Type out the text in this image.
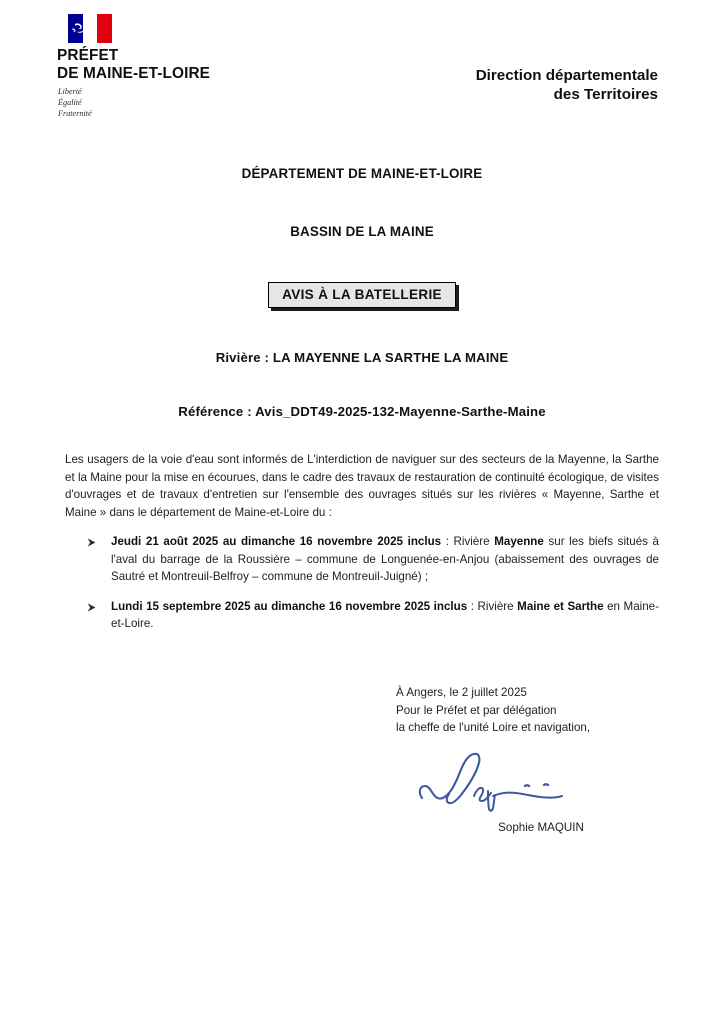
PRÉFET
DE MAINE-ET-LOIRE
Liberté
Égalité
Fraternité
Direction départementale
des Territoires
DÉPARTEMENT DE MAINE-ET-LOIRE
BASSIN DE LA MAINE
AVIS À LA BATELLERIE
Rivière : LA MAYENNE LA SARTHE LA MAINE
Référence : Avis_DDT49-2025-132-Mayenne-Sarthe-Maine

Les usagers de la voie d'eau sont informés de L'interdiction de naviguer sur des secteurs de la Mayenne, la Sarthe et la Maine pour la mise en écourues, dans le cadre des travaux de restauration de continuité écologique, de visites d'ouvrages et de travaux d'entretien sur l'ensemble des ouvrages situés sur les rivières « Mayenne, Sarthe et Maine » dans le département de Maine-et-Loire du :

Jeudi 21 août 2025 au dimanche 16 novembre 2025 inclus : Rivière Mayenne sur les biefs situés à l'aval du barrage de la Roussière – commune de Longuenée-en-Anjou (abaissement des ouvrages de Sautré et Montreuil-Belfroy – commune de Montreuil-Juigné) ;
Lundi 15 septembre 2025 au dimanche 16 novembre 2025 inclus : Rivière Maine et Sarthe en Maine-et-Loire.
À Angers, le 2 juillet 2025
Pour le Préfet et par délégation
la cheffe de l'unité Loire et navigation,
Sophie MAQUIN
